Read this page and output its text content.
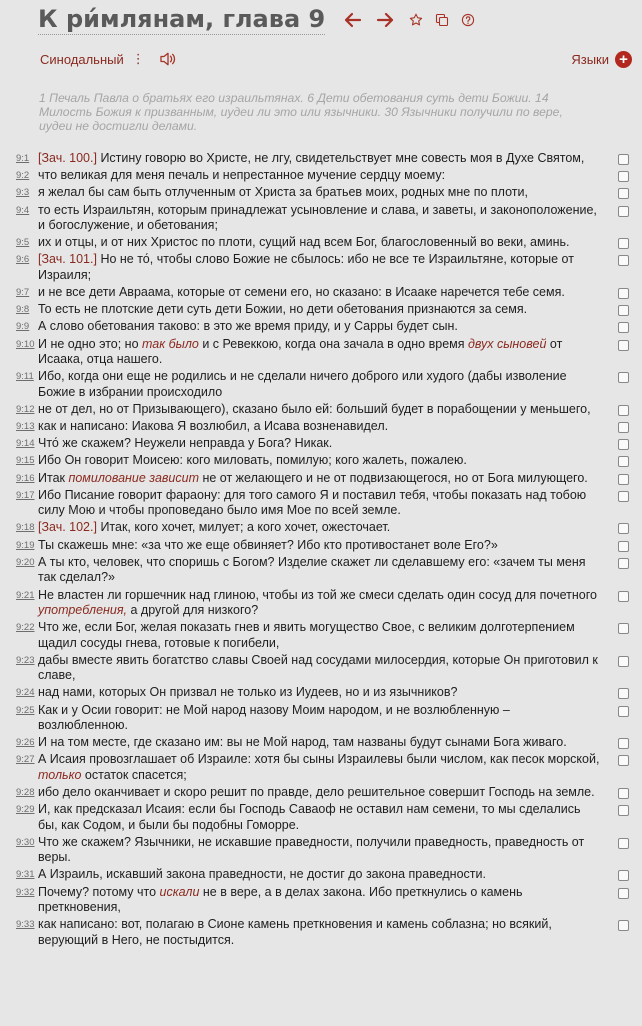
К ри́млянам, глава 9
Синодальный ⋮	Языки +
1 Печаль Павла о братьях его израильтянах. 6 Дети обетования суть дети Божии. 14 Милость Божия к призванным, иудеи ли это или язычники. 30 Язычники получили по вере, иудеи не достигли делами.
9:1 [Зач. 100.] Истину говорю во Христе, не лгу, свидетельствует мне совесть моя в Духе Святом,
9:2 что великая для меня печаль и непрестанное мучение сердцу моему:
9:3 я желал бы сам быть отлученным от Христа за братьев моих, родных мне по плоти,
9:4 то есть Израильтян, которым принадлежат усыновление и слава, и заветы, и законоположение, и богослужение, и обетования;
9:5 их и отцы, и от них Христос по плоти, сущий над всем Бог, благословенный во веки, аминь.
9:6 [Зач. 101.] Но не то́, чтобы слово Божие не сбылось: ибо не все те Израильтяне, которые от Израиля;
9:7 и не все дети Авраама, которые от семени его, но сказано: в Исааке наречется тебе семя.
9:8 То есть не плотские дети суть дети Божии, но дети обетования признаются за семя.
9:9 А слово обетования таково: в это же время приду, и у Сарры будет сын.
9:10 И не одно это; но так было и с Ревеккою, когда она зачала в одно время двух сыновей от Исаака, отца нашего.
9:11 Ибо, когда они еще не родились и не сделали ничего доброго или худого (дабы изволение Божие в избрании происходило
9:12 не от дел, но от Призывающего), сказано было ей: больший будет в порабощении у меньшего,
9:13 как и написано: Иакова Я возлюбил, а Исава возненавидел.
9:14 Что́ же скажем? Неужели неправда у Бога? Никак.
9:15 Ибо Он говорит Моисею: кого миловать, помилую; кого жалеть, пожалею.
9:16 Итак помилование зависит не от желающего и не от подвизающегося, но от Бога милующего.
9:17 Ибо Писание говорит фараону: для того самого Я и поставил тебя, чтобы показать над тобою силу Мою и чтобы проповедано было имя Мое по всей земле.
9:18 [Зач. 102.] Итак, кого хочет, милует; а кого хочет, ожесточает.
9:19 Ты скажешь мне: «за что же еще обвиняет? Ибо кто противостанет воле Его?»
9:20 А ты кто, человек, что споришь с Богом? Изделие скажет ли сделавшему его: «зачем ты меня так сделал?»
9:21 Не властен ли горшечник над глиною, чтобы из той же смеси сделать один сосуд для почетного употребления, а другой для низкого?
9:22 Что же, если Бог, желая показать гнев и явить могущество Свое, с великим долготерпением щадил сосуды гнева, готовые к погибели,
9:23 дабы вместе явить богатство славы Своей над сосудами милосердия, которые Он приготовил к славе,
9:24 над нами, которых Он призвал не только из Иудеев, но и из язычников?
9:25 Как и у Осии говорит: не Мой народ назову Моим народом, и не возлюбленную – возлюбленною.
9:26 И на том месте, где сказано им: вы не Мой народ, там названы будут сынами Бога живаго.
9:27 А Исаия провозглашает об Израиле: хотя бы сыны Израилевы были числом, как песок морской, только остаток спасется;
9:28 ибо дело оканчивает и скоро решит по правде, дело решительное совершит Господь на земле.
9:29 И, как предсказал Исаия: если бы Господь Саваоф не оставил нам семени, то мы сделались бы, как Содом, и были бы подобны Гоморре.
9:30 Что же скажем? Язычники, не искавшие праведности, получили праведность, праведность от веры.
9:31 А Израиль, искавший закона праведности, не достиг до закона праведности.
9:32 Почему? потому что искали не в вере, а в делах закона. Ибо преткнулись о камень преткновения,
9:33 как написано: вот, полагаю в Сионе камень преткновения и камень соблазна; но всякий, верующий в Него, не постыдится.
